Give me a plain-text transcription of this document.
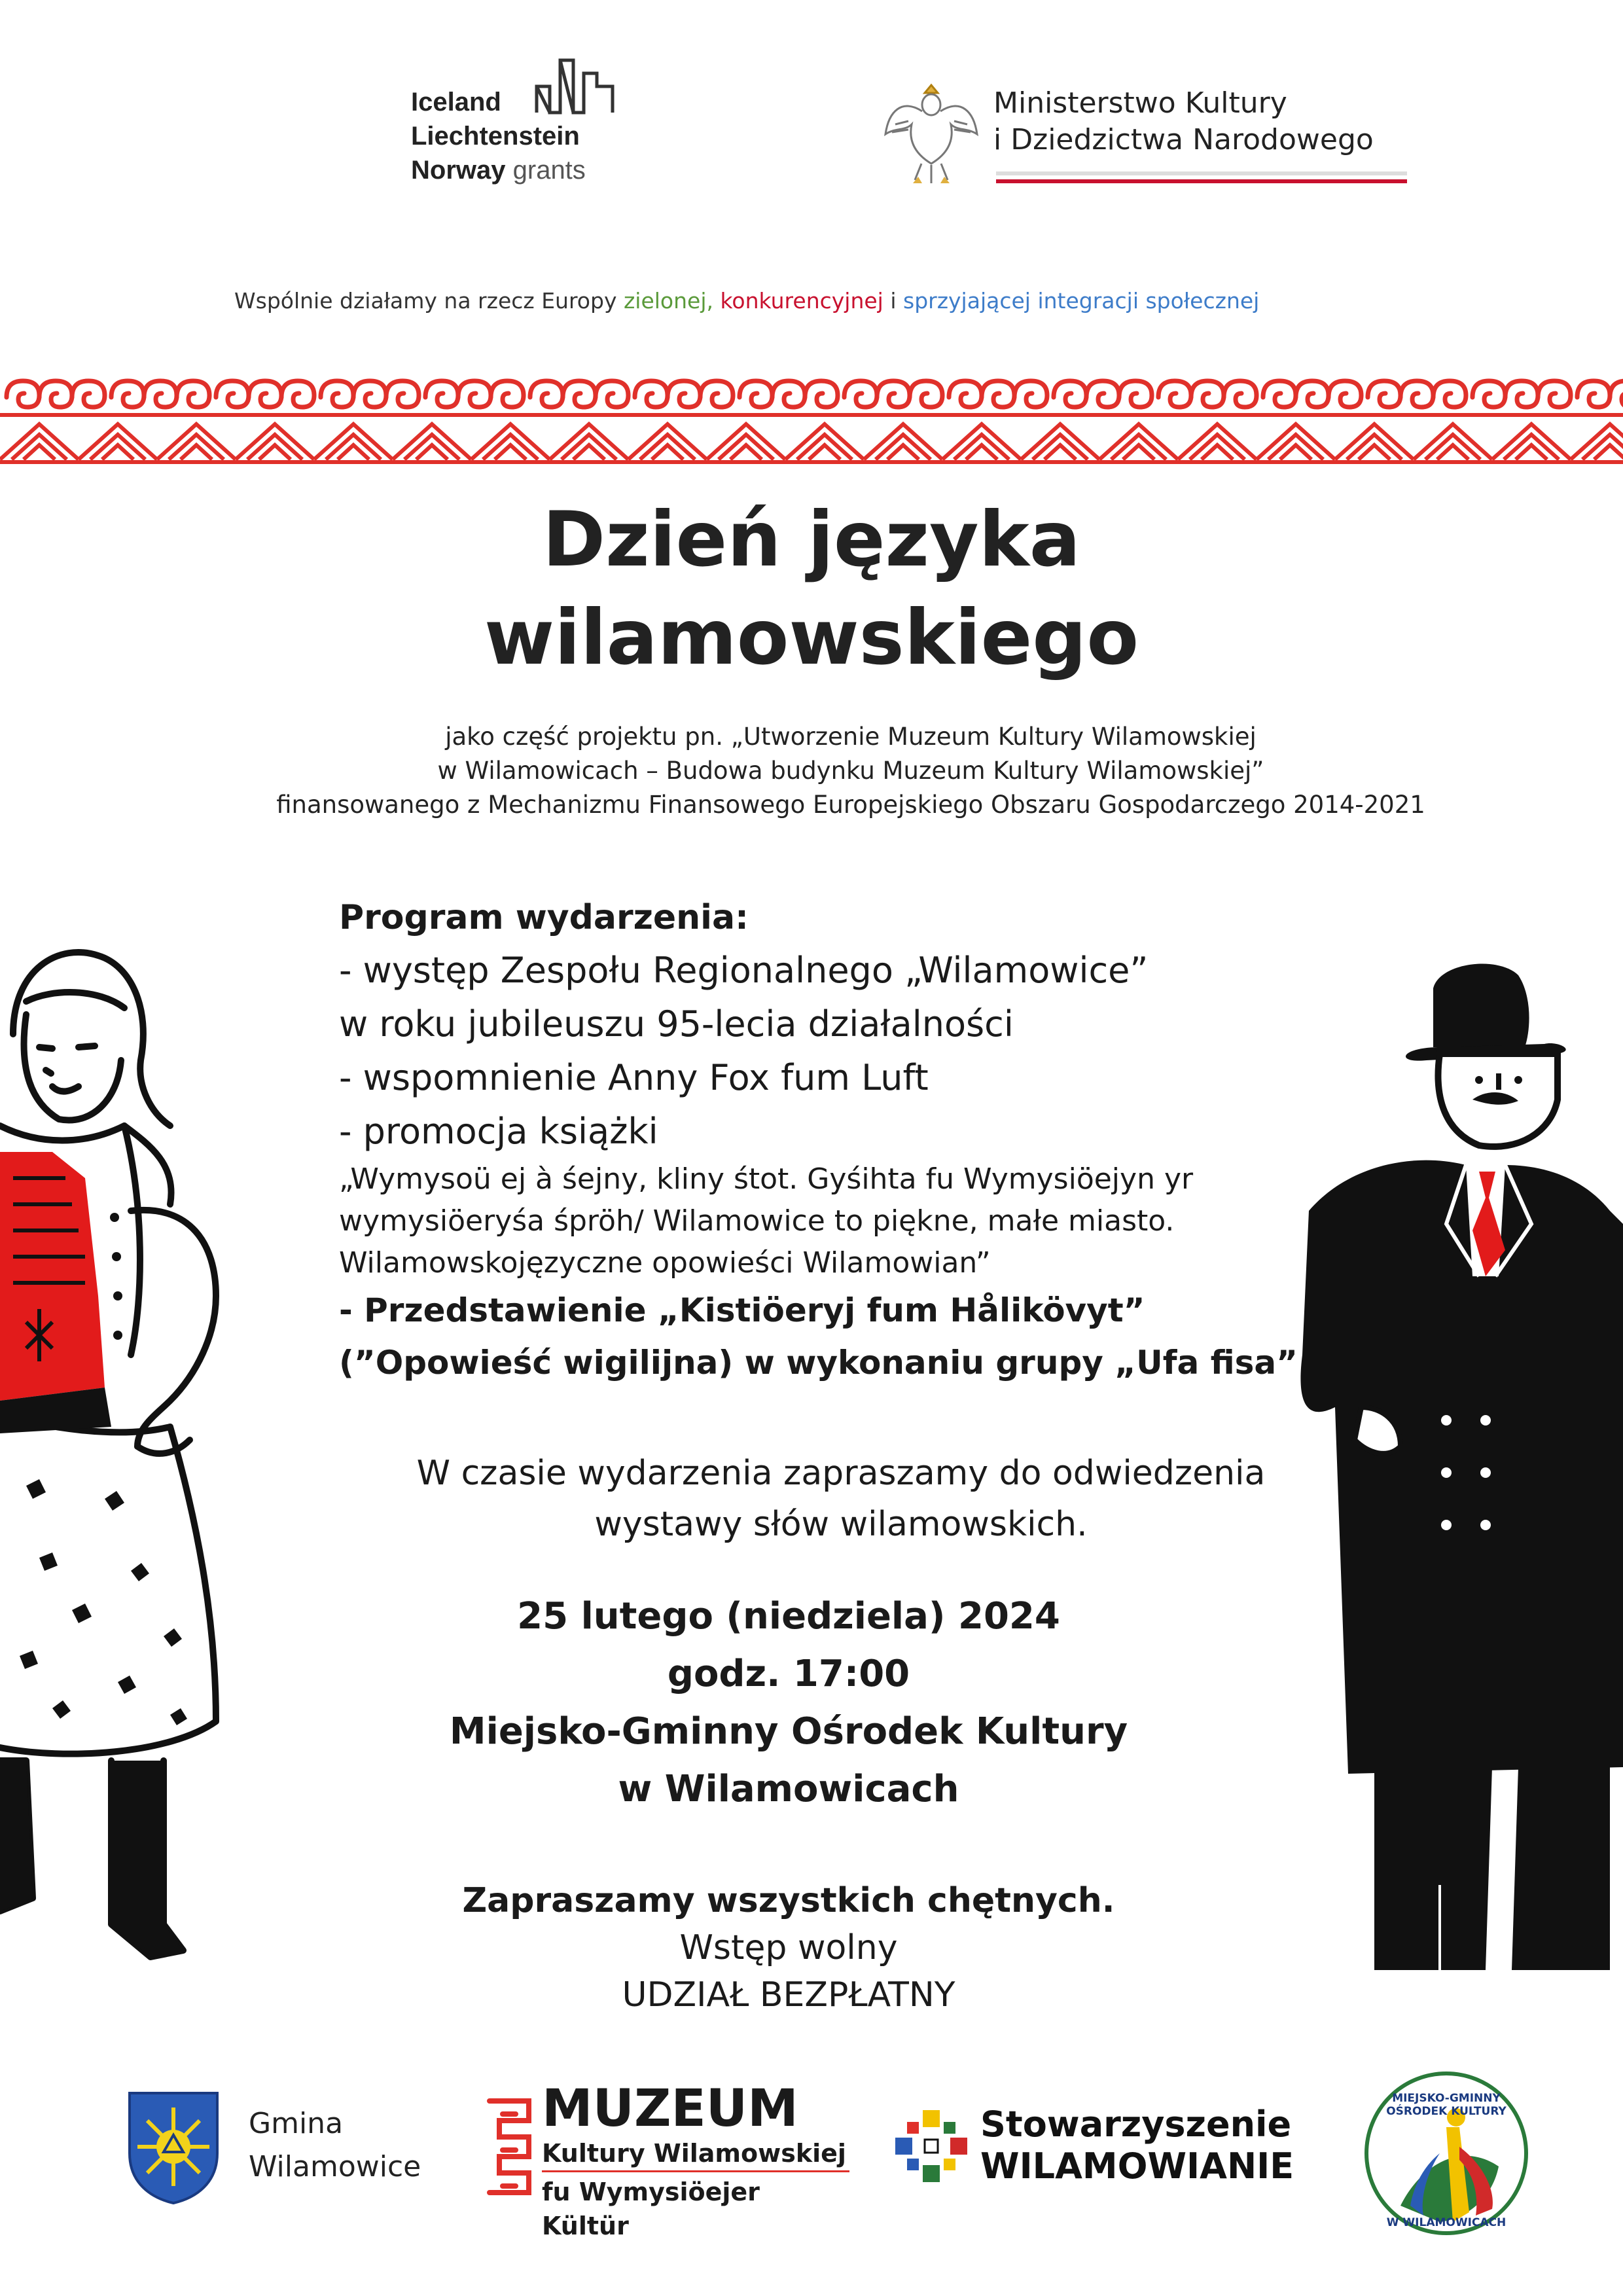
Iceland
Liechtenstein
Norway grants
Ministerstwo Kultury
i Dziedzictwa Narodowego
Wspólnie działamy na rzecz Europy zielonej, konkurencyjnej i sprzyjającej integracji społecznej
Dzień języka
wilamowskiego
jako część projektu pn. „Utworzenie Muzeum Kultury Wilamowskiej
w Wilamowicach – Budowa budynku Muzeum Kultury Wilamowskiej”
finansowanego z Mechanizmu Finansowego Europejskiego Obszaru Gospodarczego 2014-2021
Program wydarzenia:
- występ Zespołu Regionalnego „Wilamowice”
w roku jubileuszu 95-lecia działalności
- wspomnienie Anny Fox fum Luft
- promocja książki
„Wymysoü ej à śejny, kliny śtot. Gyśihta fu Wymysiöejyn yr
wymysiöeryśa śpröh/ Wilamowice to piękne, małe miasto.
Wilamowskojęzyczne opowieści Wilamowian”
- Przedstawienie „Kistiöeryj fum Hålikövyt”
(”Opowieść wigilijna) w wykonaniu grupy „Ufa fisa”
W czasie wydarzenia zapraszamy do odwiedzenia
wystawy słów wilamowskich.
25 lutego (niedziela) 2024
godz. 17:00
Miejsko-Gminny Ośrodek Kultury
w Wilamowicach
Zapraszamy wszystkich chętnych.
Wstęp wolny
UDZIAŁ BEZPŁATNY
Gmina
Wilamowice
MUZEUM
Kultury Wilamowskiej
fu Wymysiöejer Kültür
Stowarzyszenie
WILAMOWIANIE
MIEJSKO-GMINNY OŚRODEK KULTURY
W WILAMOWICACH
